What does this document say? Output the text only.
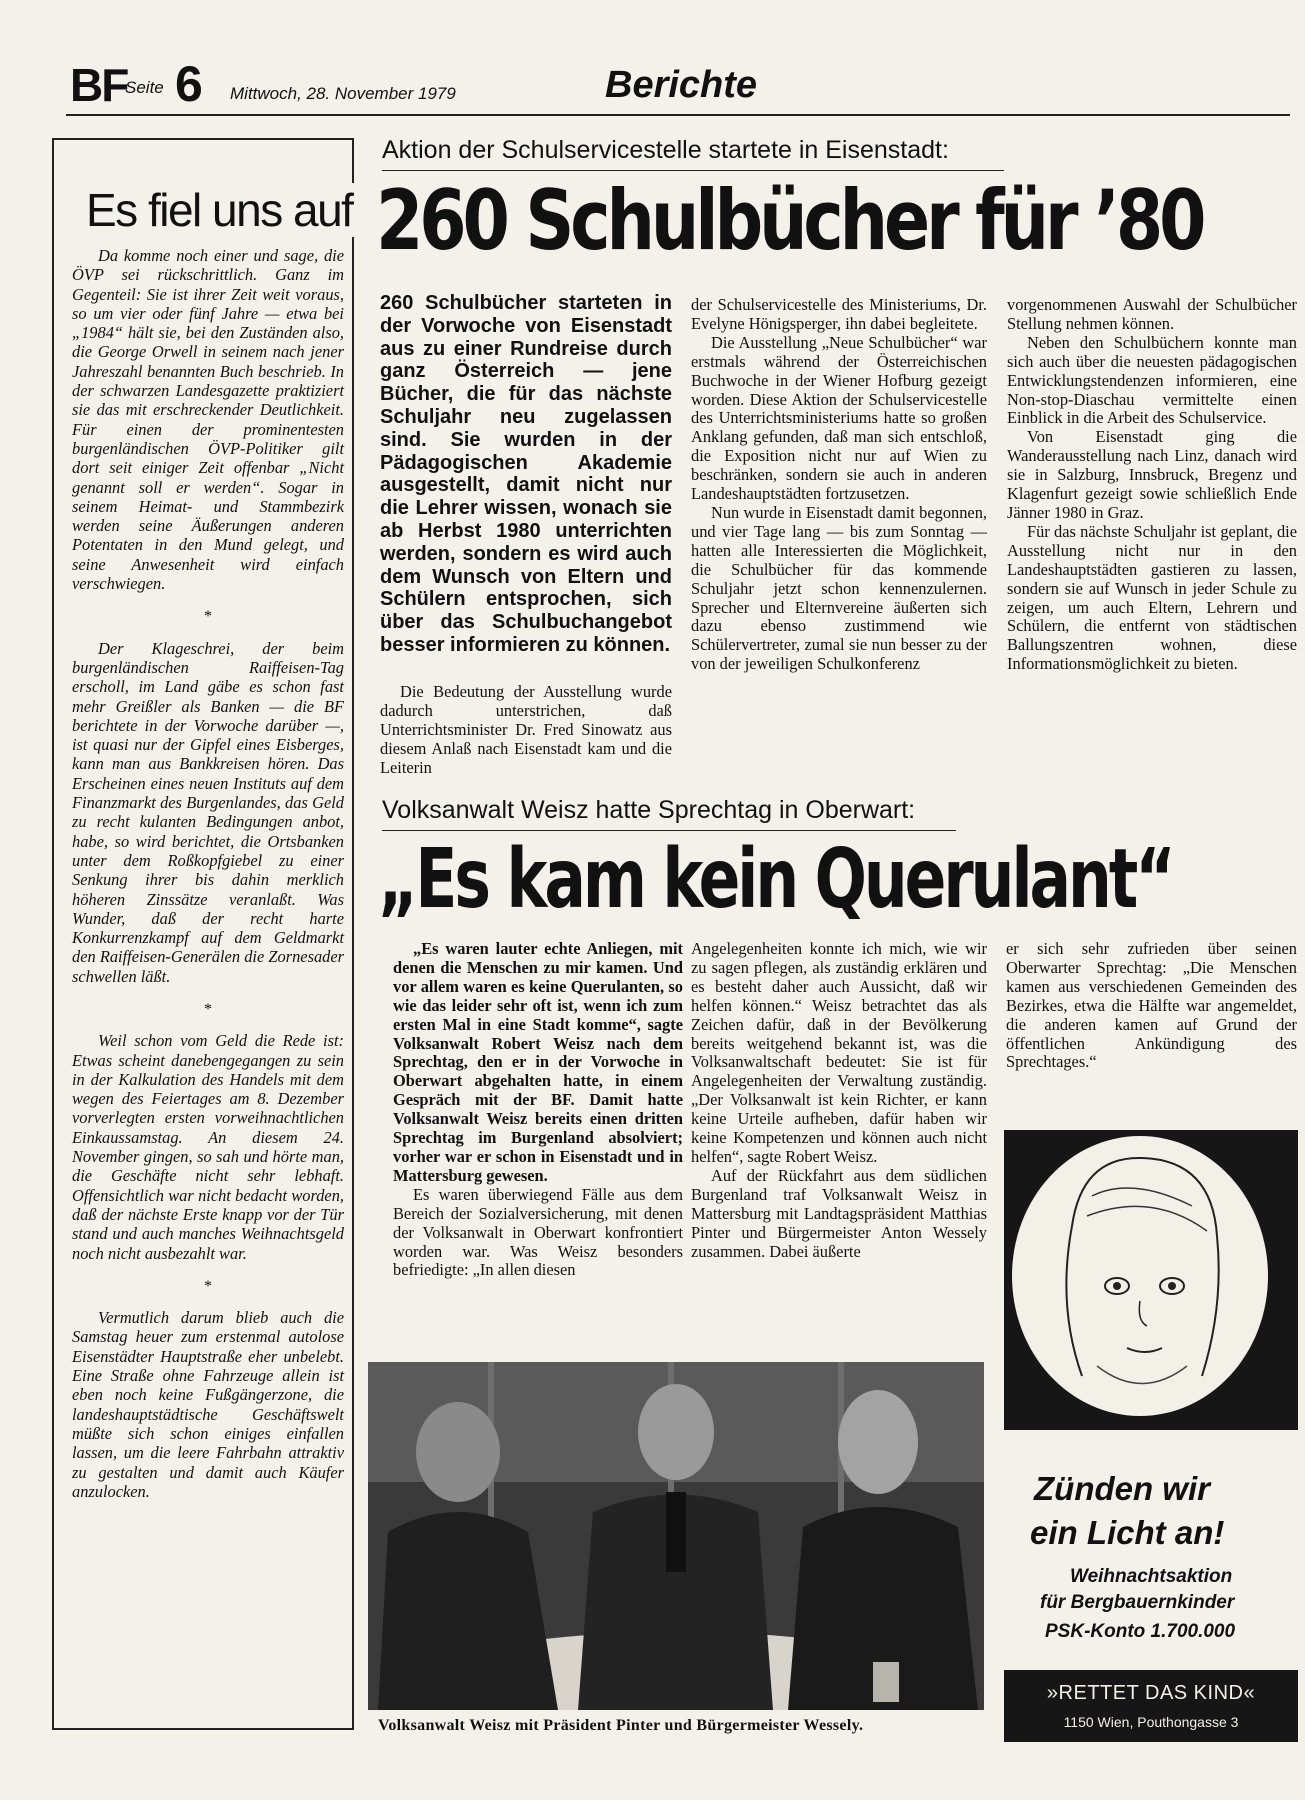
BF
Seite 6 Mittwoch, 28. November 1979	Berichte
Es fiel uns auf

Da komme noch einer und sage, die ÖVP sei rückschrittlich. Ganz im Gegenteil: Sie ist ihrer Zeit weit voraus, so um vier oder fünf Jahre — etwa bei „1984“ hält sie, bei den Zuständen also, die George Orwell in seinem nach jener Jahreszahl benannten Buch beschrieb. In der schwarzen Landesgazette praktiziert sie das mit erschreckender Deutlichkeit. Für einen der prominentesten burgenländischen ÖVP-Politiker gilt dort seit einiger Zeit offenbar „Nicht genannt soll er werden“. Sogar in seinem Heimat- und Stammbezirk werden seine Äußerungen anderen Potentaten in den Mund gelegt, und seine Anwesenheit wird einfach verschwiegen.

*

Der Klageschrei, der beim burgenländischen Raiffeisen-Tag erscholl, im Land gäbe es schon fast mehr Greißler als Banken — die BF berichtete in der Vorwoche darüber —, ist quasi nur der Gipfel eines Eisberges, kann man aus Bankkreisen hören. Das Erscheinen eines neuen Instituts auf dem Finanzmarkt des Burgenlandes, das Geld zu recht kulanten Bedingungen anbot, habe, so wird berichtet, die Ortsbanken unter dem Roßkopfgiebel zu einer Senkung ihrer bis dahin merklich höheren Zinssätze veranlaßt. Was Wunder, daß der recht harte Konkurrenzkampf auf dem Geldmarkt den Raiffeisen-Generälen die Zornesader schwellen läßt.

*

Weil schon vom Geld die Rede ist: Etwas scheint danebengegangen zu sein in der Kalkulation des Handels mit dem wegen des Feiertages am 8. Dezember vorverlegten ersten vorweihnachtlichen Einkaussamstag. An diesem 24. November gingen, so sah und hörte man, die Geschäfte nicht sehr lebhaft. Offensichtlich war nicht bedacht worden, daß der nächste Erste knapp vor der Tür stand und auch manches Weihnachtsgeld noch nicht ausbezahlt war.

*

Vermutlich darum blieb auch die Samstag heuer zum erstenmal autolose Eisenstädter Hauptstraße eher unbelebt. Eine Straße ohne Fahrzeuge allein ist eben noch keine Fußgängerzone, die landeshauptstädtische Geschäftswelt müßte sich schon einiges einfallen lassen, um die leere Fahrbahn attraktiv zu gestalten und damit auch Käufer anzulocken.

Aktion der Schulservicestelle startete in Eisenstadt:
260 Schulbücher für ’80
260 Schulbücher starteten in der Vorwoche von Eisenstadt aus zu einer Rundreise durch ganz Österreich — jene Bücher, die für das nächste Schuljahr neu zugelassen sind. Sie wurden in der Pädagogischen Akademie ausgestellt, damit nicht nur die Lehrer wissen, wonach sie ab Herbst 1980 unterrichten werden, sondern es wird auch dem Wunsch von Eltern und Schülern entsprochen, sich über das Schulbuchangebot besser informieren zu können.

Die Bedeutung der Ausstellung wurde dadurch unterstrichen, daß Unterrichtsminister Dr. Fred Sinowatz aus diesem Anlaß nach Eisenstadt kam und die Leiterin

der Schulservicestelle des Ministeriums, Dr. Evelyne Hönigsperger, ihn dabei begleitete.

Die Ausstellung „Neue Schulbücher“ war erstmals während der Österreichischen Buchwoche in der Wiener Hofburg gezeigt worden. Diese Aktion der Schulservicestelle des Unterrichtsministeriums hatte so großen Anklang gefunden, daß man sich entschloß, die Exposition nicht nur auf Wien zu beschränken, sondern sie auch in anderen Landeshauptstädten fortzusetzen.

Nun wurde in Eisenstadt damit begonnen, und vier Tage lang — bis zum Sonntag — hatten alle Interessierten die Möglichkeit, die Schulbücher für das kommende Schuljahr jetzt schon kennenzulernen. Sprecher und Elternvereine äußerten sich dazu ebenso zustimmend wie Schülervertreter, zumal sie nun besser zu der von der jeweiligen Schulkonferenz

vorgenommenen Auswahl der Schulbücher Stellung nehmen können.

Neben den Schulbüchern konnte man sich auch über die neuesten pädagogischen Entwicklungstendenzen informieren, eine Non-stop-Diaschau vermittelte einen Einblick in die Arbeit des Schulservice.

Von Eisenstadt ging die Wanderausstellung nach Linz, danach wird sie in Salzburg, Innsbruck, Bregenz und Klagenfurt gezeigt sowie schließlich Ende Jänner 1980 in Graz.

Für das nächste Schuljahr ist geplant, die Ausstellung nicht nur in den Landeshauptstädten gastieren zu lassen, sondern sie auf Wunsch in jeder Schule zu zeigen, um auch Eltern, Lehrern und Schülern, die entfernt von städtischen Ballungszentren wohnen, diese Informationsmöglichkeit zu bieten.

Volksanwalt Weisz hatte Sprechtag in Oberwart:
„Es kam kein Querulant“

„Es waren lauter echte Anliegen, mit denen die Menschen zu mir kamen. Und vor allem waren es keine Querulanten, so wie das leider sehr oft ist, wenn ich zum ersten Mal in eine Stadt komme“, sagte Volksanwalt Robert Weisz nach dem Sprechtag, den er in der Vorwoche in Oberwart abgehalten hatte, in einem Gespräch mit der BF. Damit hatte Volksanwalt Weisz bereits einen dritten Sprechtag im Burgenland absolviert; vorher war er schon in Eisenstadt und in Mattersburg gewesen.

Es waren überwiegend Fälle aus dem Bereich der Sozialversicherung, mit denen der Volksanwalt in Oberwart konfrontiert worden war. Was Weisz besonders befriedigte: „In allen diesen

Angelegenheiten konnte ich mich, wie wir zu sagen pflegen, als zuständig erklären und es besteht daher auch Aussicht, daß wir helfen können.“ Weisz betrachtet das als Zeichen dafür, daß in der Bevölkerung bereits weitgehend bekannt ist, was die Volksanwaltschaft bedeutet: Sie ist für Angelegenheiten der Verwaltung zuständig. „Der Volksanwalt ist kein Richter, er kann keine Urteile aufheben, dafür haben wir keine Kompetenzen und können auch nicht helfen“, sagte Robert Weisz.

Auf der Rückfahrt aus dem südlichen Burgenland traf Volksanwalt Weisz in Mattersburg mit Landtagspräsident Matthias Pinter und Bürgermeister Anton Wessely zusammen. Dabei äußerte

er sich sehr zufrieden über seinen Oberwarter Sprechtag: „Die Menschen kamen aus verschiedenen Gemeinden des Bezirkes, etwa die Hälfte war angemeldet, die anderen kamen auf Grund der öffentlichen Ankündigung des Sprechtages.“

Volksanwalt Weisz mit Präsident Pinter und Bürgermeister Wessely.
Zünden wir
ein Licht an!
Weihnachtsaktion
für Bergbauernkinder
PSK-Konto 1.700.000
»RETTET DAS KIND«
1150 Wien, Pouthongasse 3
